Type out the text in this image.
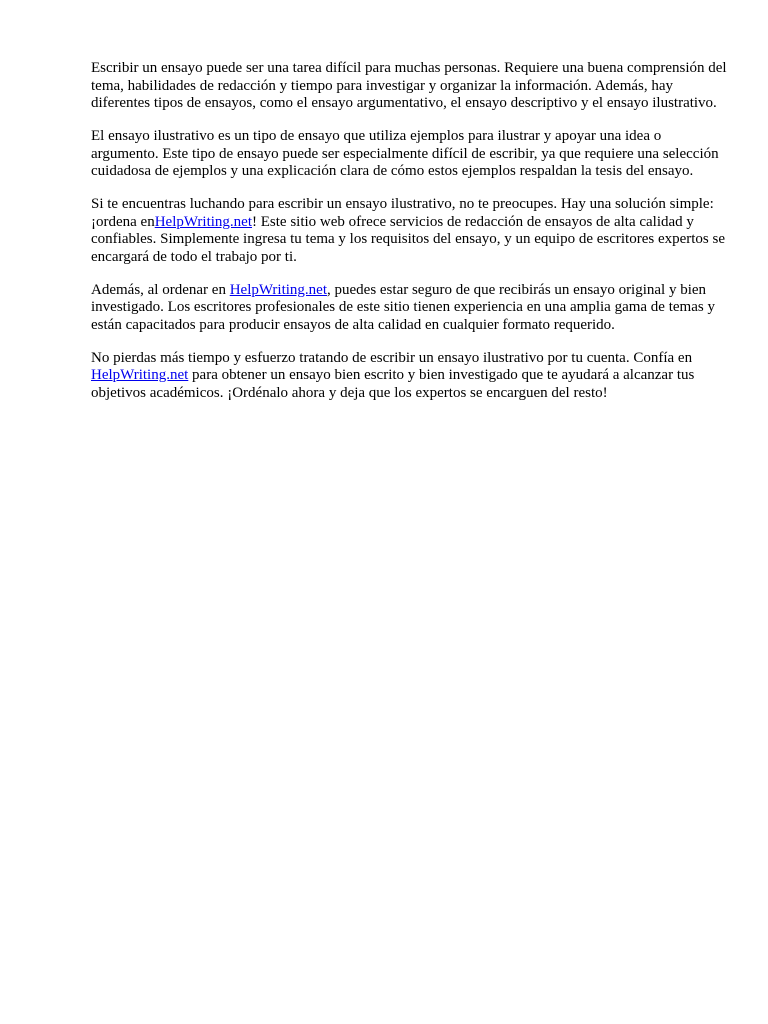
Escribir un ensayo puede ser una tarea difícil para muchas personas. Requiere una buena comprensión del tema, habilidades de redacción y tiempo para investigar y organizar la información. Además, hay diferentes tipos de ensayos, como el ensayo argumentativo, el ensayo descriptivo y el ensayo ilustrativo.

El ensayo ilustrativo es un tipo de ensayo que utiliza ejemplos para ilustrar y apoyar una idea o argumento. Este tipo de ensayo puede ser especialmente difícil de escribir, ya que requiere una selección cuidadosa de ejemplos y una explicación clara de cómo estos ejemplos respaldan la tesis del ensayo.

Si te encuentras luchando para escribir un ensayo ilustrativo, no te preocupes. Hay una solución simple: ¡ordena enHelpWriting.net! Este sitio web ofrece servicios de redacción de ensayos de alta calidad y confiables. Simplemente ingresa tu tema y los requisitos del ensayo, y un equipo de escritores expertos se encargará de todo el trabajo por ti.

Además, al ordenar en HelpWriting.net, puedes estar seguro de que recibirás un ensayo original y bien investigado. Los escritores profesionales de este sitio tienen experiencia en una amplia gama de temas y están capacitados para producir ensayos de alta calidad en cualquier formato requerido.

No pierdas más tiempo y esfuerzo tratando de escribir un ensayo ilustrativo por tu cuenta. Confía en HelpWriting.net para obtener un ensayo bien escrito y bien investigado que te ayudará a alcanzar tus objetivos académicos. ¡Ordénalo ahora y deja que los expertos se encarguen del resto!
